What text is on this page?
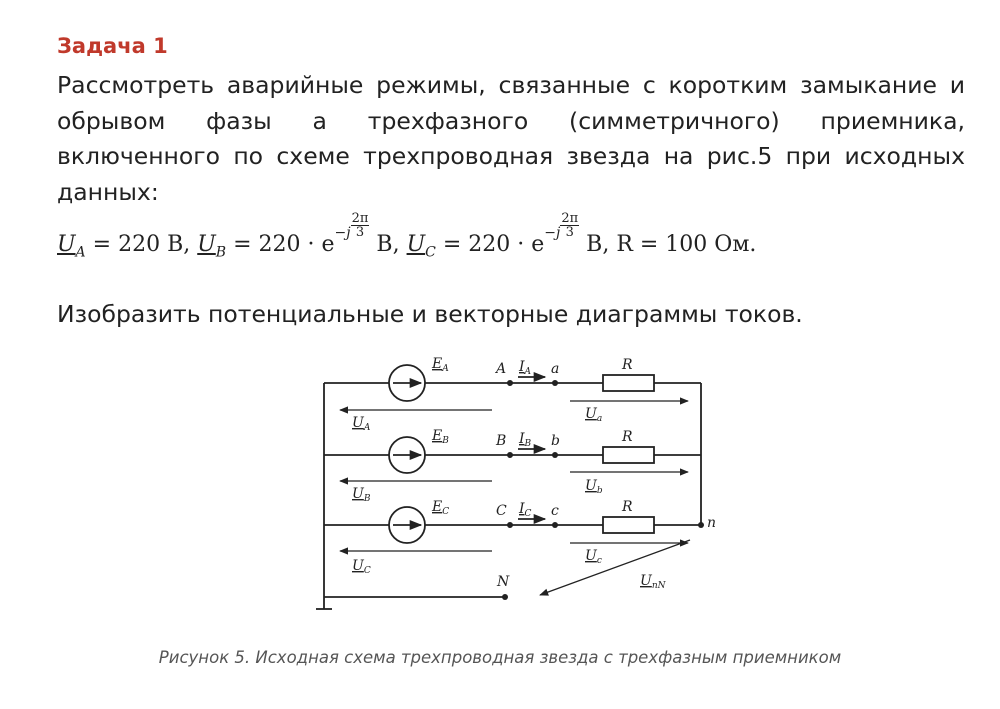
Задача 1
Рассмотреть аварийные режимы, связанные с коротким замыкание и обрывом фазы a трехфазного (симметричного) приемника, включенного по схеме трехпроводная звезда на рис.5 при исходных данных:
$U_A = 220$ В, $U_B = 220 \cdot e^{-j} \frac{2\pi}{3}$
В, $U_C = 220 \cdot e^{-j} \frac{2\pi}{3}$
В, R = 100 Ом.
Изобразить потенциальные и векторные диаграммы токов.
$E_A$
$E_B$
$E_C$
A
B
C
N
a
b
c
n
$I_A$
$I_B$
$I_C$
R
R
R
$U_A$
$U_B$
$U_C$
$U_a$
$U_b$
$U_c$
$U_{nN}$
Рисунок 5. Исходная схема трехпроводная звезда с трехфазным приемником
